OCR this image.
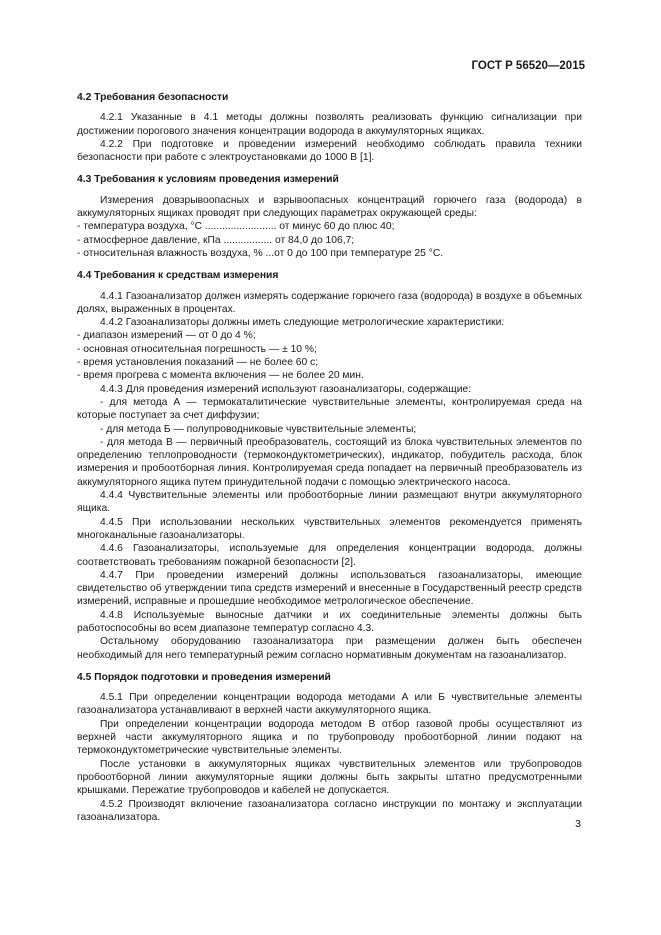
ГОСТ Р 56520—2015
4.2 Требования безопасности

4.2.1 Указанные в 4.1 методы должны позволять реализовать функцию сигнализации при достижении порогового значения концентрации водорода в аккумуляторных ящиках.

4.2.2 При подготовке и проведении измерений необходимо соблюдать правила техники безопасности при работе с электроустановками до 1000 В [1].

4.3 Требования к условиям проведения измерений

Измерения довзрывоопасных и взрывоопасных концентраций горючего газа (водорода) в аккумуляторных ящиках проводят при следующих параметрах окружающей среды:

- температура воздуха, °С ......................... от минус 60 до плюс 40;

- атмосферное давление, кПа ................. от 84,0 до 106,7;

- относительная влажность воздуха, % ...от 0 до 100 при температуре 25 °С.

4.4 Требования к средствам измерения

4.4.1 Газоанализатор должен измерять содержание горючего газа (водорода) в воздухе в объемных долях, выраженных в процентах.

4.4.2 Газоанализаторы должны иметь следующие метрологические характеристики:

- диапазон измерений — от 0 до 4 %;

- основная относительная погрешность — ± 10 %;

- время установления показаний — не более 60 с;

- время прогрева с момента включения — не более 20 мин.

4.4.3 Для проведения измерений используют газоанализаторы, содержащие:

- для метода А — термокаталитические чувствительные элементы, контролируемая среда на которые поступает за счет диффузии;

- для метода Б — полупроводниковые чувствительные элементы;

- для метода В — первичный преобразователь, состоящий из блока чувствительных элементов по определению теплопроводности (термокондуктометрических), индикатор, побудитель расхода, блок измерения и пробоотборная линия. Контролируемая среда попадает на первичный преобразователь из аккумуляторного ящика путем принудительной подачи с помощью электрического насоса.

4.4.4 Чувствительные элементы или пробоотборные линии размещают внутри аккумуляторного ящика.

4.4.5 При использовании нескольких чувствительных элементов рекомендуется применять многоканальные газоанализаторы.

4.4.6 Газоанализаторы, используемые для определения концентрации водорода, должны соответствовать требованиям пожарной безопасности [2].

4.4.7 При проведении измерений должны использоваться газоанализаторы, имеющие свидетельство об утверждении типа средств измерений и внесенные в Государственный реестр средств измерений, исправные и прошедшие необходимое метрологическое обеспечение.

4.4.8 Используемые выносные датчики и их соединительные элементы должны быть работоспособны во всем диапазоне температур согласно 4.3.

Остальному оборудованию газоанализатора при размещении должен быть обеспечен необходимый для него температурный режим согласно нормативным документам на газоанализатор.

4.5 Порядок подготовки и проведения измерений

4.5.1 При определении концентрации водорода методами А или Б чувствительные элементы газоанализатора устанавливают в верхней части аккумуляторного ящика.

При определении концентрации водорода методом В отбор газовой пробы осуществляют из верхней части аккумуляторного ящика и по трубопроводу пробоотборной линии подают на термокондуктометрические чувствительные элементы.

После установки в аккумуляторных ящиках чувствительных элементов или трубопроводов пробоотборной линии аккумуляторные ящики должны быть закрыты штатно предусмотренными крышками. Пережатие трубопроводов и кабелей не допускается.

4.5.2 Производят включение газоанализатора согласно инструкции по монтажу и эксплуатации газоанализатора.

3
